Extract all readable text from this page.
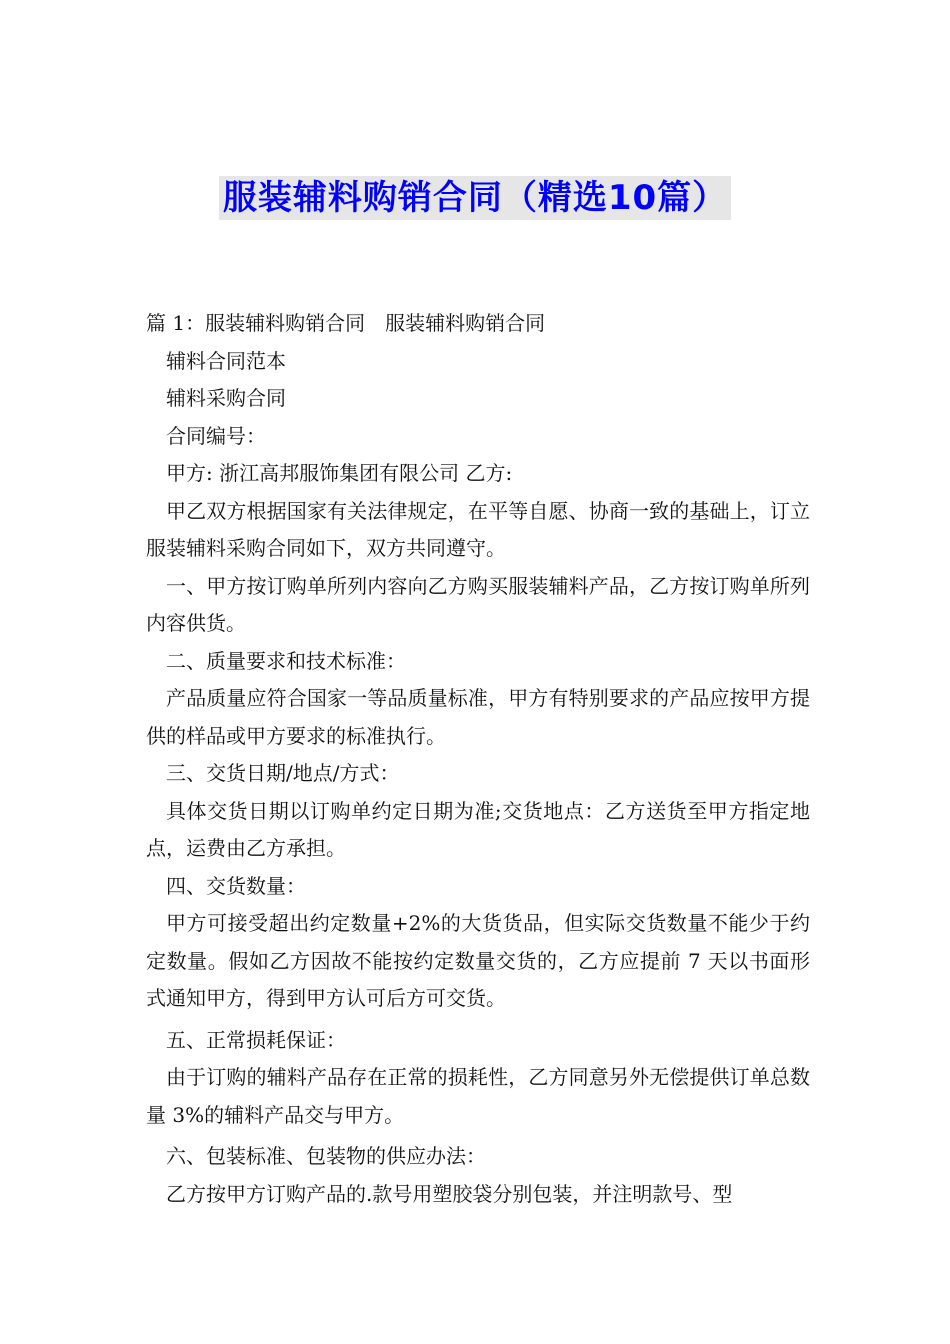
服装辅料购销合同（精选10篇）

篇 1：服装辅料购销合同　服装辅料购销合同

辅料合同范本

辅料采购合同

合同编号：

甲方: 浙江高邦服饰集团有限公司 乙方:

甲乙双方根据国家有关法律规定，在平等自愿、协商一致的基础上，订立服装辅料采购合同如下，双方共同遵守。

一、甲方按订购单所列内容向乙方购买服装辅料产品，乙方按订购单所列内容供货。

二、质量要求和技术标准：

产品质量应符合国家一等品质量标准，甲方有特别要求的产品应按甲方提供的样品或甲方要求的标准执行。

三、交货日期/地点/方式：

具体交货日期以订购单约定日期为准;交货地点：乙方送货至甲方指定地点，运费由乙方承担。

四、交货数量：

甲方可接受超出约定数量+2%的大货货品，但实际交货数量不能少于约定数量。假如乙方因故不能按约定数量交货的，乙方应提前 7 天以书面形式通知甲方，得到甲方认可后方可交货。

五、正常损耗保证：

由于订购的辅料产品存在正常的损耗性，乙方同意另外无偿提供订单总数量 3%的辅料产品交与甲方。

六、包装标准、包装物的供应办法：

乙方按甲方订购产品的.款号用塑胶袋分别包装，并注明款号、型
